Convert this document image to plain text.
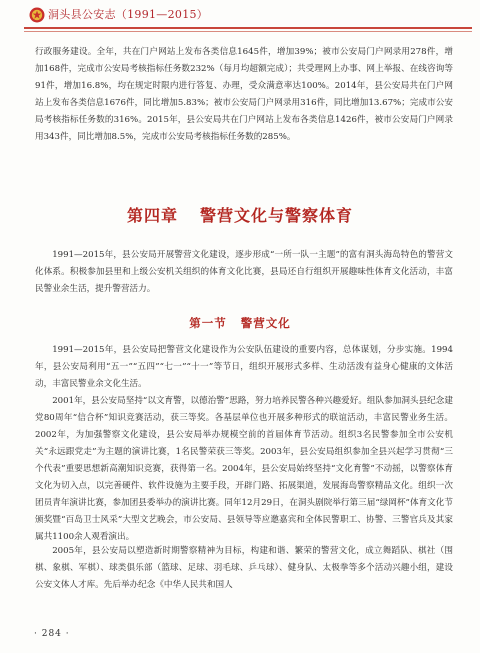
洞头县公安志（1991—2015）

行政服务建设。全年，共在门户网站上发布各类信息1645件，增加39%；被市公安局门户网录用278件，增加168件，完成市公安局考核指标任务数232%（每月均超额完成）；共受理网上办事、网上举报、在线咨询等91件，增加16.8%，均在规定时限内进行答复、办理，受众满意率达100%。2014年，县公安局共在门户网站上发布各类信息1676件，同比增加5.83%；被市公安局门户网录用316件，同比增加13.67%；完成市公安局考核指标任务数的316%。2015年，县公安局共在门户网站上发布各类信息1426件，被市公安局门户网录用343件，同比增加8.5%，完成市公安局考核指标任务数的285%。

第四章 警营文化与警察体育

1991—2015年，县公安局开展警营文化建设，逐步形成“一所一队一主题”的富有洞头海岛特色的警营文化体系。积极参加县里和上级公安机关组织的体育文化比赛，县局还自行组织开展趣味性体育文化活动，丰富民警业余生活，提升警营活力。

第一节 警营文化

1991—2015年，县公安局把警营文化建设作为公安队伍建设的重要内容，总体谋划，分步实施。1994年，县公安局利用“五一”“五四”“七一”“十一”等节日，组织开展形式多样、生动活泼有益身心健康的文体活动，丰富民警业余文化生活。

2001年，县公安局坚持“以文育警，以德治警”思路，努力培养民警各种兴趣爱好。组队参加洞头县纪念建党80周年“信合杯”知识竞赛活动，获三等奖。各基层单位也开展多种形式的联谊活动，丰富民警业务生活。2002年，为加强警察文化建设，县公安局举办规模空前的首届体育节活动。组织3名民警参加全市公安机关“永远跟党走”为主题的演讲比赛，1名民警荣获三等奖。2003年，县公安局组织参加全县兴起学习贯彻“三个代表”重要思想新高潮知识竞赛，获得第一名。2004年，县公安局始终坚持“文化育警”不动摇，以警察体育文化为切入点，以完善硬件、软件设施为主要手段，开辟门路、拓展渠道，发展海岛警察精品文化。组织一次团员青年演讲比赛，参加团县委举办的演讲比赛。同年12月29日，在洞头剧院举行第三届“绿岡杯”体育文化节颁奖暨“百岛卫士风采”大型文艺晚会，市公安局、县领导等应邀嘉宾和全体民警职工、协警、三警官兵及其家属共1100余人观看演出。

2005年，县公安局以塑造新时期警察精神为目标，构建和谐、繁荣的警营文化，成立舞蹈队、棋社（围棋、象棋、军棋）、球类俱乐部（篮球、足球、羽毛球、乒乓球）、健身队、太极拳等多个活动兴趣小组，建设公安文体人才库。先后举办纪念《中华人民共和国人

· 284 ·
